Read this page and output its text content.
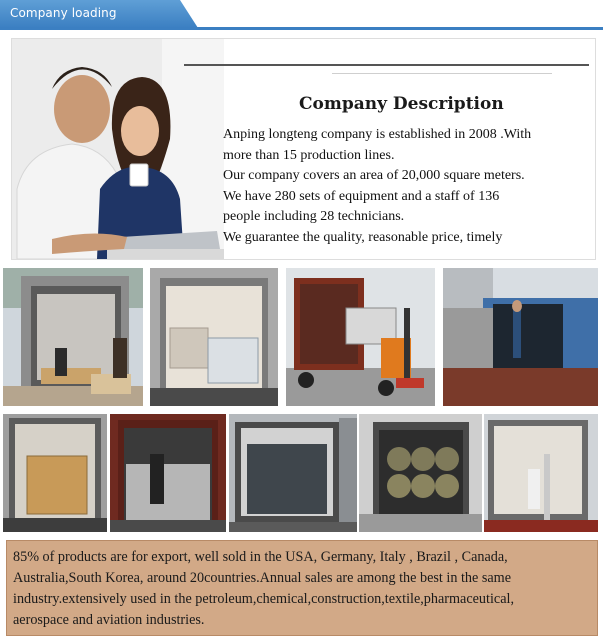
Company loading
Company Description
Anping longteng company is established in 2008 .With
more than 15 production lines.
Our company covers an area of 20,000 square meters.
We have 280 sets of equipment and a staff of 136
people including 28 technicians.
We guarantee the quality, reasonable price, timely
85% of products are for export, well sold in the USA, Germany, Italy , Brazil , Canada,
Australia,South Korea, around 20countries.Annual sales are among the best in the same
industry.extensively used in the petroleum,chemical,construction,textile,pharmaceutical,
aerospace and aviation industries.
